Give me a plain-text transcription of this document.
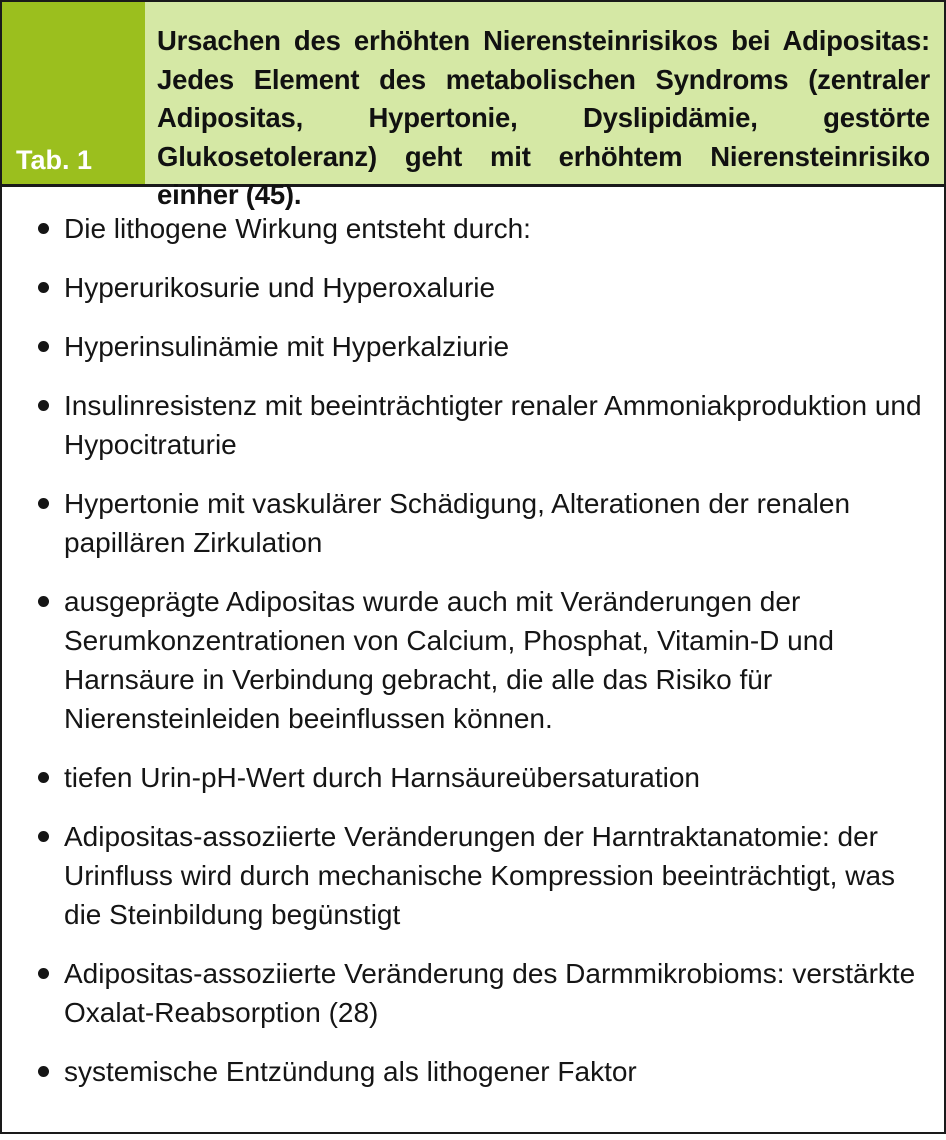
Tab. 1
Ursachen des erhöhten Nierensteinrisikos bei Adipositas: Jedes Element des metabolischen Syndroms (zentraler Adipositas, Hypertonie, Dyslipidämie, gestörte Glukosetoleranz) geht mit erhöhtem Nierensteinrisiko einher (45).
Die lithogene Wirkung entsteht durch:
Hyperurikosurie und Hyperoxalurie
Hyperinsulinämie mit Hyperkalziurie
Insulinresistenz mit beeinträchtigter renaler Ammoniakproduktion und Hypocitraturie
Hypertonie mit vaskulärer Schädigung, Alterationen der renalen papillären Zirkulation
ausgeprägte Adipositas wurde auch mit Veränderungen der Serumkonzentrationen von Calcium, Phosphat, Vitamin-D und Harnsäure in Verbindung gebracht, die alle das Risiko für Nierensteinleiden beeinflussen können.
tiefen Urin-pH-Wert durch Harnsäureübersaturation
Adipositas-assoziierte Veränderungen der Harntraktanatomie: der Urinfluss wird durch mechanische Kompression beeinträchtigt, was die Steinbildung begünstigt
Adipositas-assoziierte Veränderung des Darmmikrobioms: verstärkte Oxalat-Reabsorption (28)
systemische Entzündung als lithogener Faktor
